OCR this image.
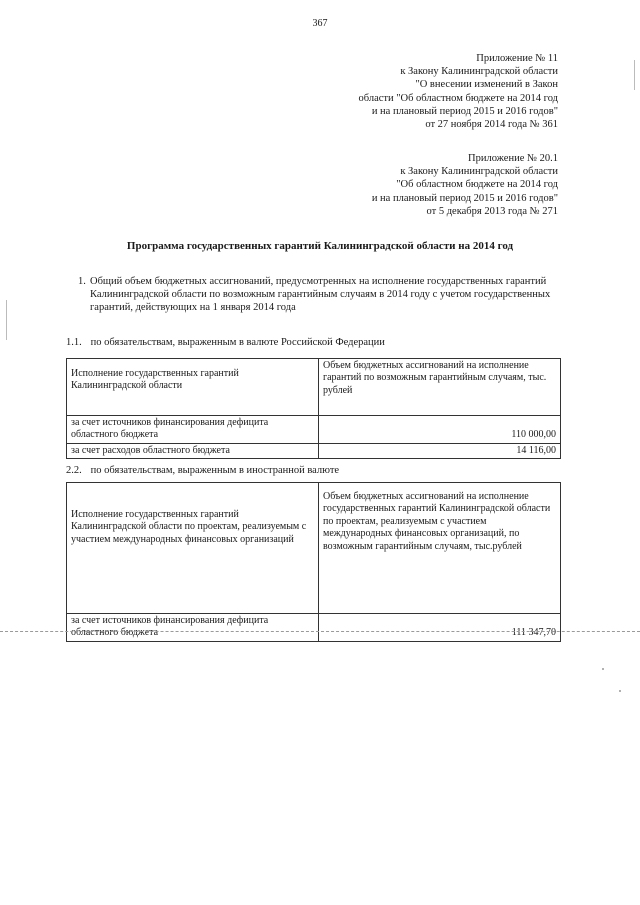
367
Приложение № 11
к Закону Калининградской области
"О внесении изменений в Закон
области "Об областном бюджете на 2014 год
и на плановый период 2015 и 2016 годов"
от 27 ноября 2014 года № 361
Приложение № 20.1
к Закону Калининградской области
"Об областном бюджете на 2014 год
и на плановый период 2015 и 2016 годов"
от 5 декабря 2013 года № 271
Программа государственных гарантий Калининградской области на 2014 год
1. Общий объем бюджетных ассигнований, предусмотренных на исполнение государственных гарантий Калининградской области по возможным гарантийным случаям в 2014 году с учетом государственных гарантий, действующих на 1 января 2014 года
1.1. по обязательствам, выраженным в валюте Российской Федерации
Исполнение государственных гарантий Калининградской области	Объем бюджетных ассигнований на исполнение гарантий по возможным гарантийным случаям, тыс. рублей
за счет источников финансирования дефицита областного бюджета	110 000,00
за счет расходов областного бюджета	14 116,00
2.2. по обязательствам, выраженным в иностранной валюте
Исполнение государственных гарантий Калининградской области по проектам, реализуемым с участием международных финансовых организаций	Объем бюджетных ассигнований на исполнение государственных гарантий Калининградской области по проектам, реализуемым с участием международных финансовых организаций, по возможным гарантийным случаям, тыс.рублей
за счет источников финансирования дефицита областного бюджета	111 347,70
